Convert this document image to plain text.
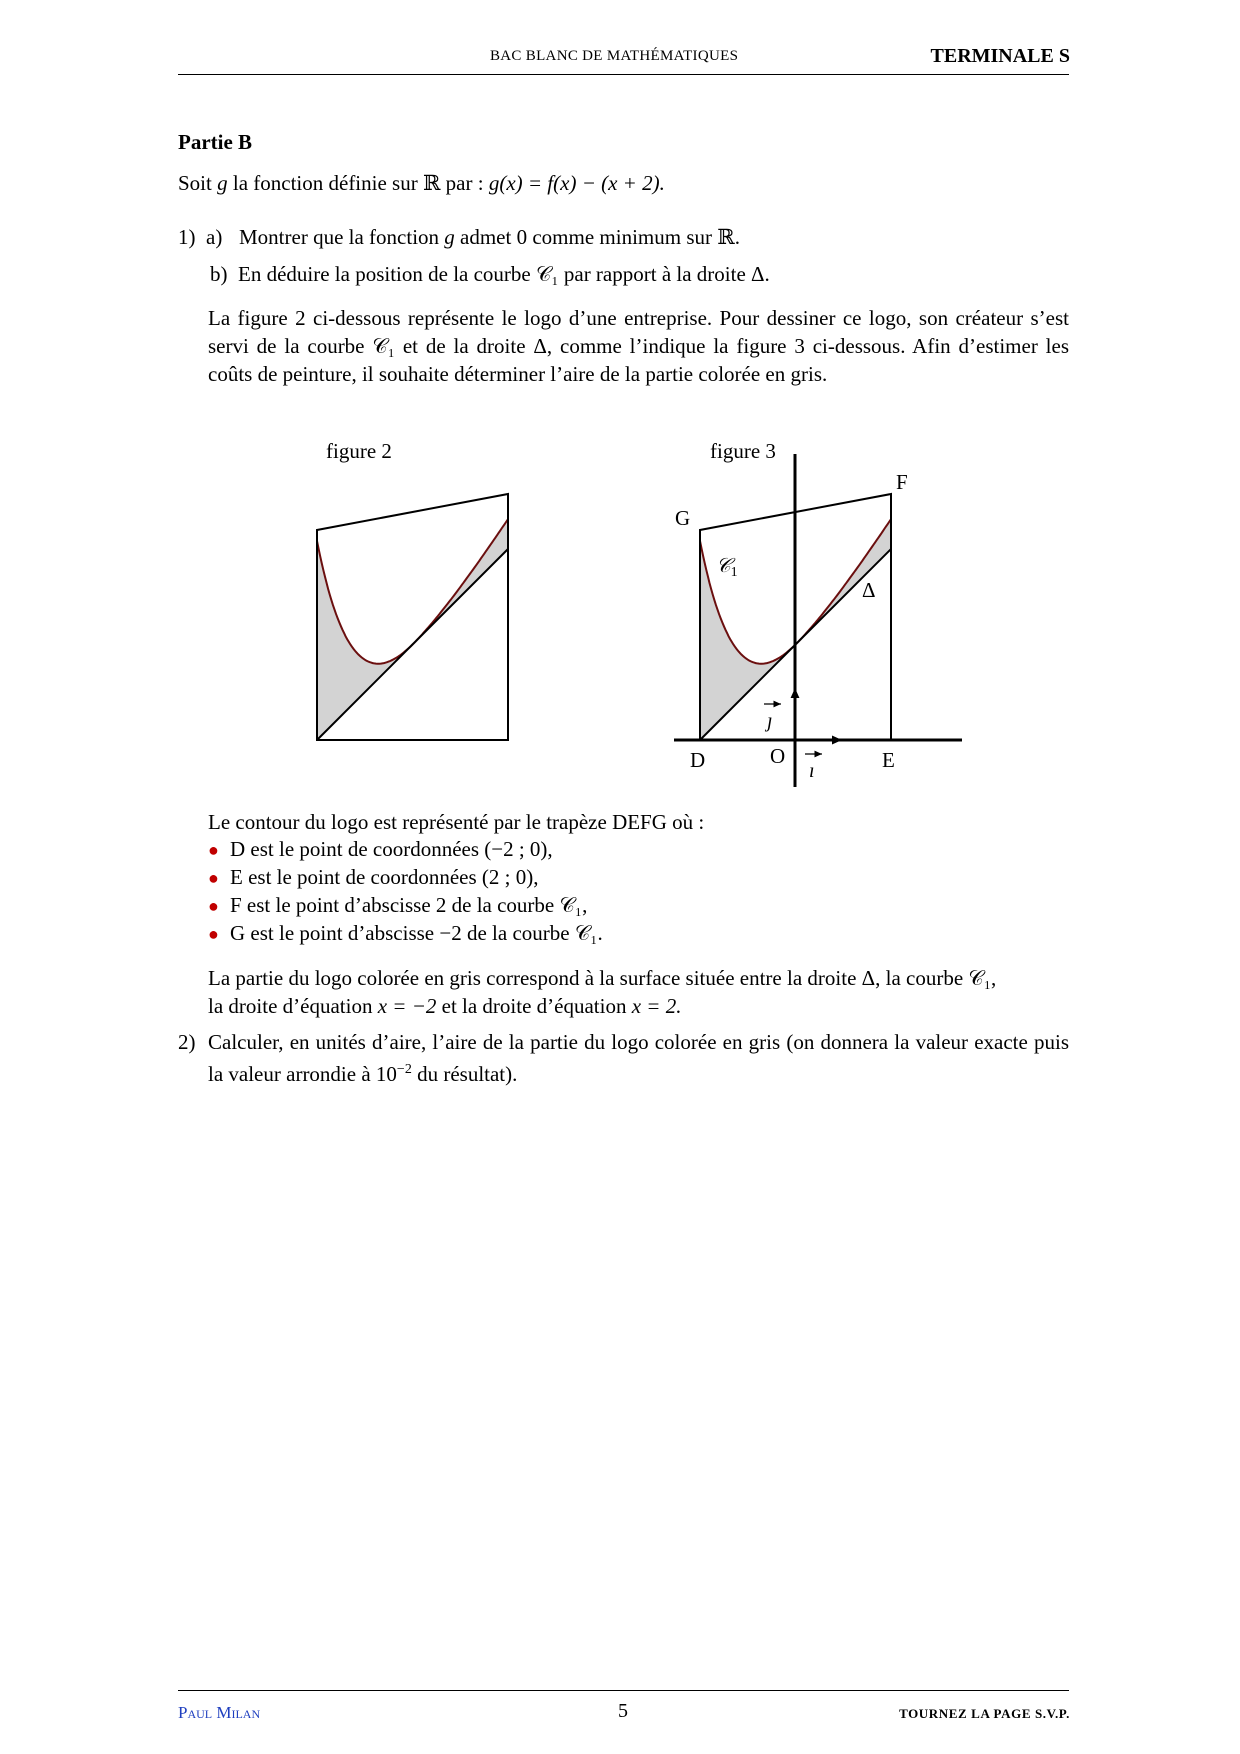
BAC BLANC DE MATHÉMATIQUES	TERMINALE S
Partie B
Soit g la fonction définie sur ℝ par : g(x) = f(x) − (x + 2).
1) a) Montrer que la fonction g admet 0 comme minimum sur ℝ.
b) En déduire la position de la courbe 𝒞₁ par rapport à la droite Δ.
La figure 2 ci-dessous représente le logo d’une entreprise. Pour dessiner ce logo, son créateur s’est servi de la courbe 𝒞₁ et de la droite Δ, comme l’indique la figure 3 ci-dessous. Afin d’estimer les coûts de peinture, il souhaite déterminer l’aire de la partie colorée en gris.
figure 2	figure 3
G
F
D	E
O
𝒞$_1$
Δ
ı
ȷ
Le contour du logo est représenté par le trapèze DEFG où :
● D est le point de coordonnées (−2 ; 0),
● E est le point de coordonnées (2 ; 0),
● F est le point d’abscisse 2 de la courbe 𝒞₁,
● G est le point d’abscisse −2 de la courbe 𝒞₁.
La partie du logo colorée en gris correspond à la surface située entre la droite Δ, la courbe 𝒞₁,
la droite d’équation x = −2 et la droite d’équation x = 2.
2) Calculer, en unités d’aire, l’aire de la partie du logo colorée en gris (on donnera la valeur exacte puis la valeur arrondie à $10^{-2}$ du résultat).
Paul Milan	5	TOURNEZ LA PAGE S.V.P.
